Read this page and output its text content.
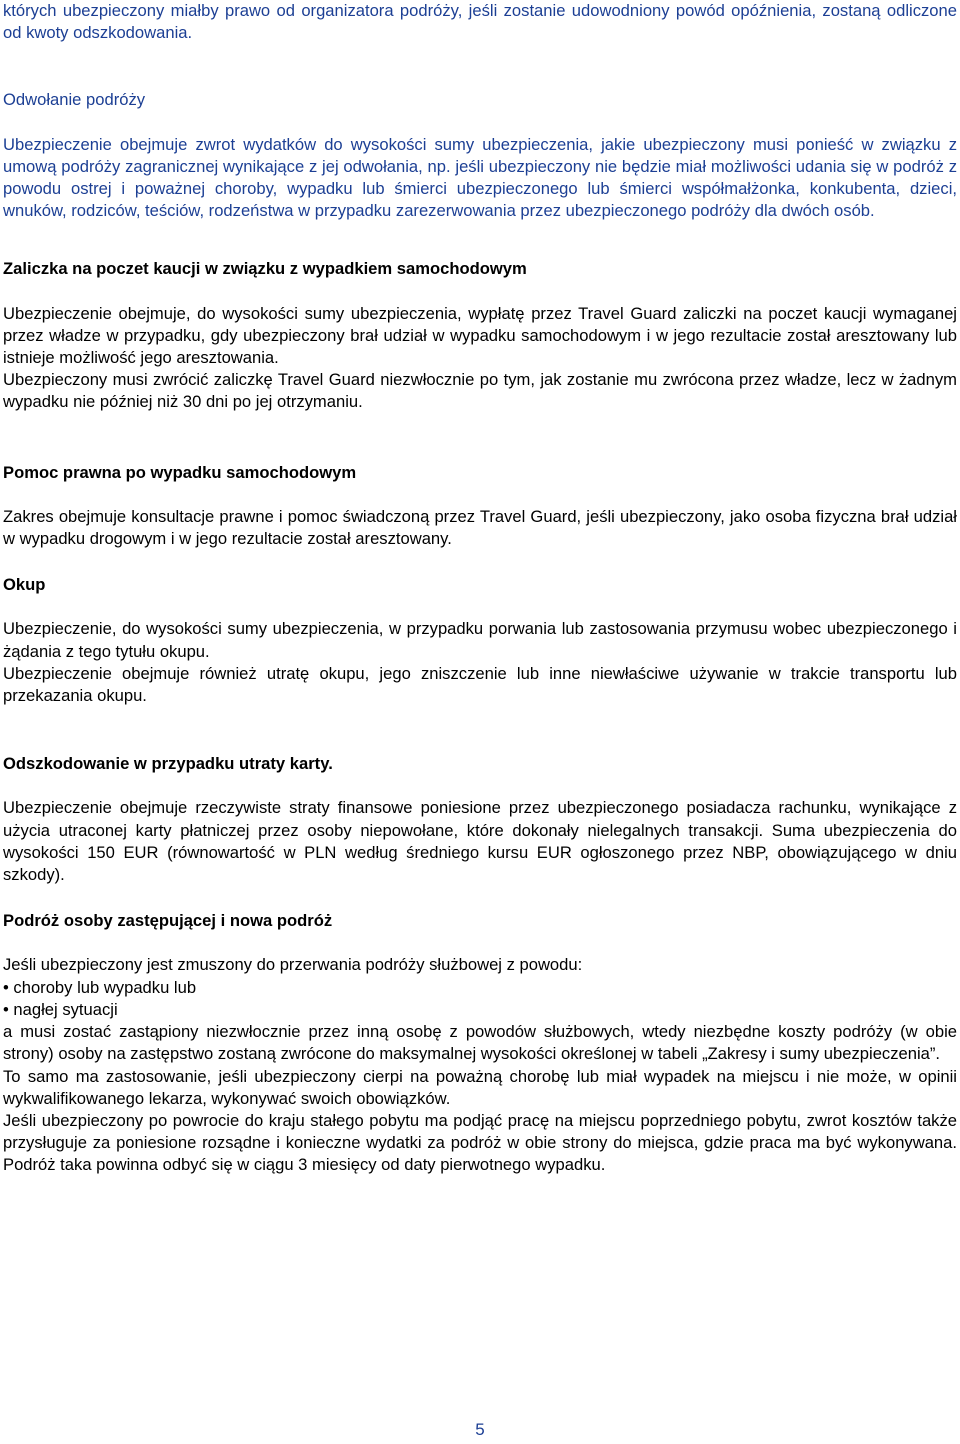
których ubezpieczony miałby prawo od organizatora podróży, jeśli zostanie udowodniony powód opóźnienia, zostaną odliczone od kwoty odszkodowania.

Odwołanie podróży

Ubezpieczenie obejmuje zwrot wydatków do wysokości sumy ubezpieczenia, jakie ubezpieczony musi ponieść w związku z umową podróży zagranicznej wynikające z jej odwołania, np. jeśli ubezpieczony nie będzie miał możliwości udania się w podróż z powodu ostrej i poważnej choroby, wypadku lub śmierci ubezpieczonego lub śmierci współmałżonka, konkubenta, dzieci, wnuków, rodziców, teściów, rodzeństwa w przypadku zarezerwowania przez ubezpieczonego podróży dla dwóch osób.

Zaliczka na poczet kaucji w związku z wypadkiem samochodowym

Ubezpieczenie obejmuje, do wysokości sumy ubezpieczenia, wypłatę przez Travel Guard zaliczki na poczet kaucji wymaganej przez władze w przypadku, gdy ubezpieczony brał udział w wypadku samochodowym i w jego rezultacie został aresztowany lub istnieje możliwość jego aresztowania.

Ubezpieczony musi zwrócić zaliczkę Travel Guard niezwłocznie po tym, jak zostanie mu zwrócona przez władze, lecz w żadnym wypadku nie później niż 30 dni po jej otrzymaniu.

Pomoc prawna po wypadku samochodowym

Zakres obejmuje konsultacje prawne i pomoc świadczoną przez Travel Guard, jeśli ubezpieczony, jako osoba fizyczna brał udział w wypadku drogowym i w jego rezultacie został aresztowany.

Okup

Ubezpieczenie, do wysokości sumy ubezpieczenia, w przypadku porwania lub zastosowania przymusu wobec ubezpieczonego i żądania z tego tytułu okupu.

Ubezpieczenie obejmuje również utratę okupu, jego zniszczenie lub inne niewłaściwe używanie w trakcie transportu lub przekazania okupu.

Odszkodowanie w przypadku utraty karty.

Ubezpieczenie obejmuje rzeczywiste straty finansowe poniesione przez ubezpieczonego posiadacza rachunku, wynikające z użycia utraconej karty płatniczej przez osoby niepowołane, które dokonały nielegalnych transakcji. Suma ubezpieczenia do wysokości 150 EUR (równowartość w PLN według średniego kursu EUR ogłoszonego przez NBP, obowiązującego w dniu szkody).

Podróż osoby zastępującej i nowa podróż

Jeśli ubezpieczony jest zmuszony do przerwania podróży służbowej z powodu:

• choroby lub wypadku lub

• nagłej sytuacji

a musi zostać zastąpiony niezwłocznie przez inną osobę z powodów służbowych, wtedy niezbędne koszty podróży (w obie strony) osoby na zastępstwo zostaną zwrócone do maksymalnej wysokości określonej w tabeli „Zakresy i sumy ubezpieczenia”.

To samo ma zastosowanie, jeśli ubezpieczony cierpi na poważną chorobę lub miał wypadek na miejscu i nie może, w opinii wykwalifikowanego lekarza, wykonywać swoich obowiązków.

Jeśli ubezpieczony po powrocie do kraju stałego pobytu ma podjąć pracę na miejscu poprzedniego pobytu, zwrot kosztów także przysługuje za poniesione rozsądne i konieczne wydatki za podróż w obie strony do miejsca, gdzie praca ma być wykonywana. Podróż taka powinna odbyć się w ciągu 3 miesięcy od daty pierwotnego wypadku.

5
